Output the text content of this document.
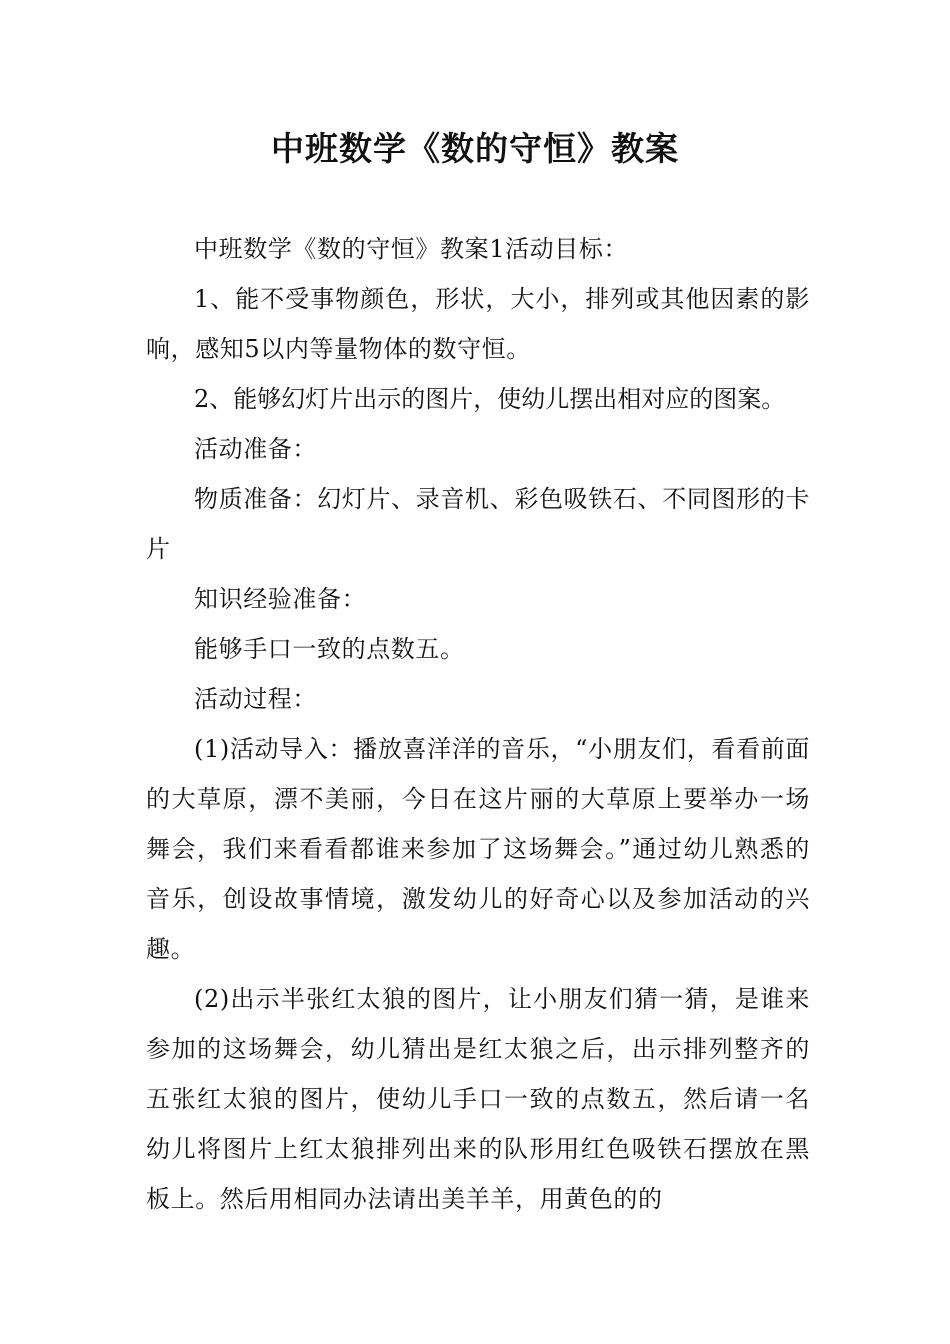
中班数学《数的守恒》教案

中班数学《数的守恒》教案1活动目标：

1、能不受事物颜色，形状，大小，排列或其他因素的影响，感知5以内等量物体的数守恒。

2、能够幻灯片出示的图片，使幼儿摆出相对应的图案。

活动准备：

物质准备：幻灯片、录音机、彩色吸铁石、不同图形的卡片

知识经验准备：

能够手口一致的点数五。

活动过程：

(1)活动导入：播放喜洋洋的音乐，“小朋友们，看看前面的大草原，漂不美丽，今日在这片丽的大草原上要举办一场舞会，我们来看看都谁来参加了这场舞会。”通过幼儿熟悉的音乐，创设故事情境，激发幼儿的好奇心以及参加活动的兴趣。

(2)出示半张红太狼的图片，让小朋友们猜一猜，是谁来参加的这场舞会，幼儿猜出是红太狼之后，出示排列整齐的五张红太狼的图片，使幼儿手口一致的点数五，然后请一名幼儿将图片上红太狼排列出来的队形用红色吸铁石摆放在黑板上。然后用相同办法请出美羊羊，用黄色的的
